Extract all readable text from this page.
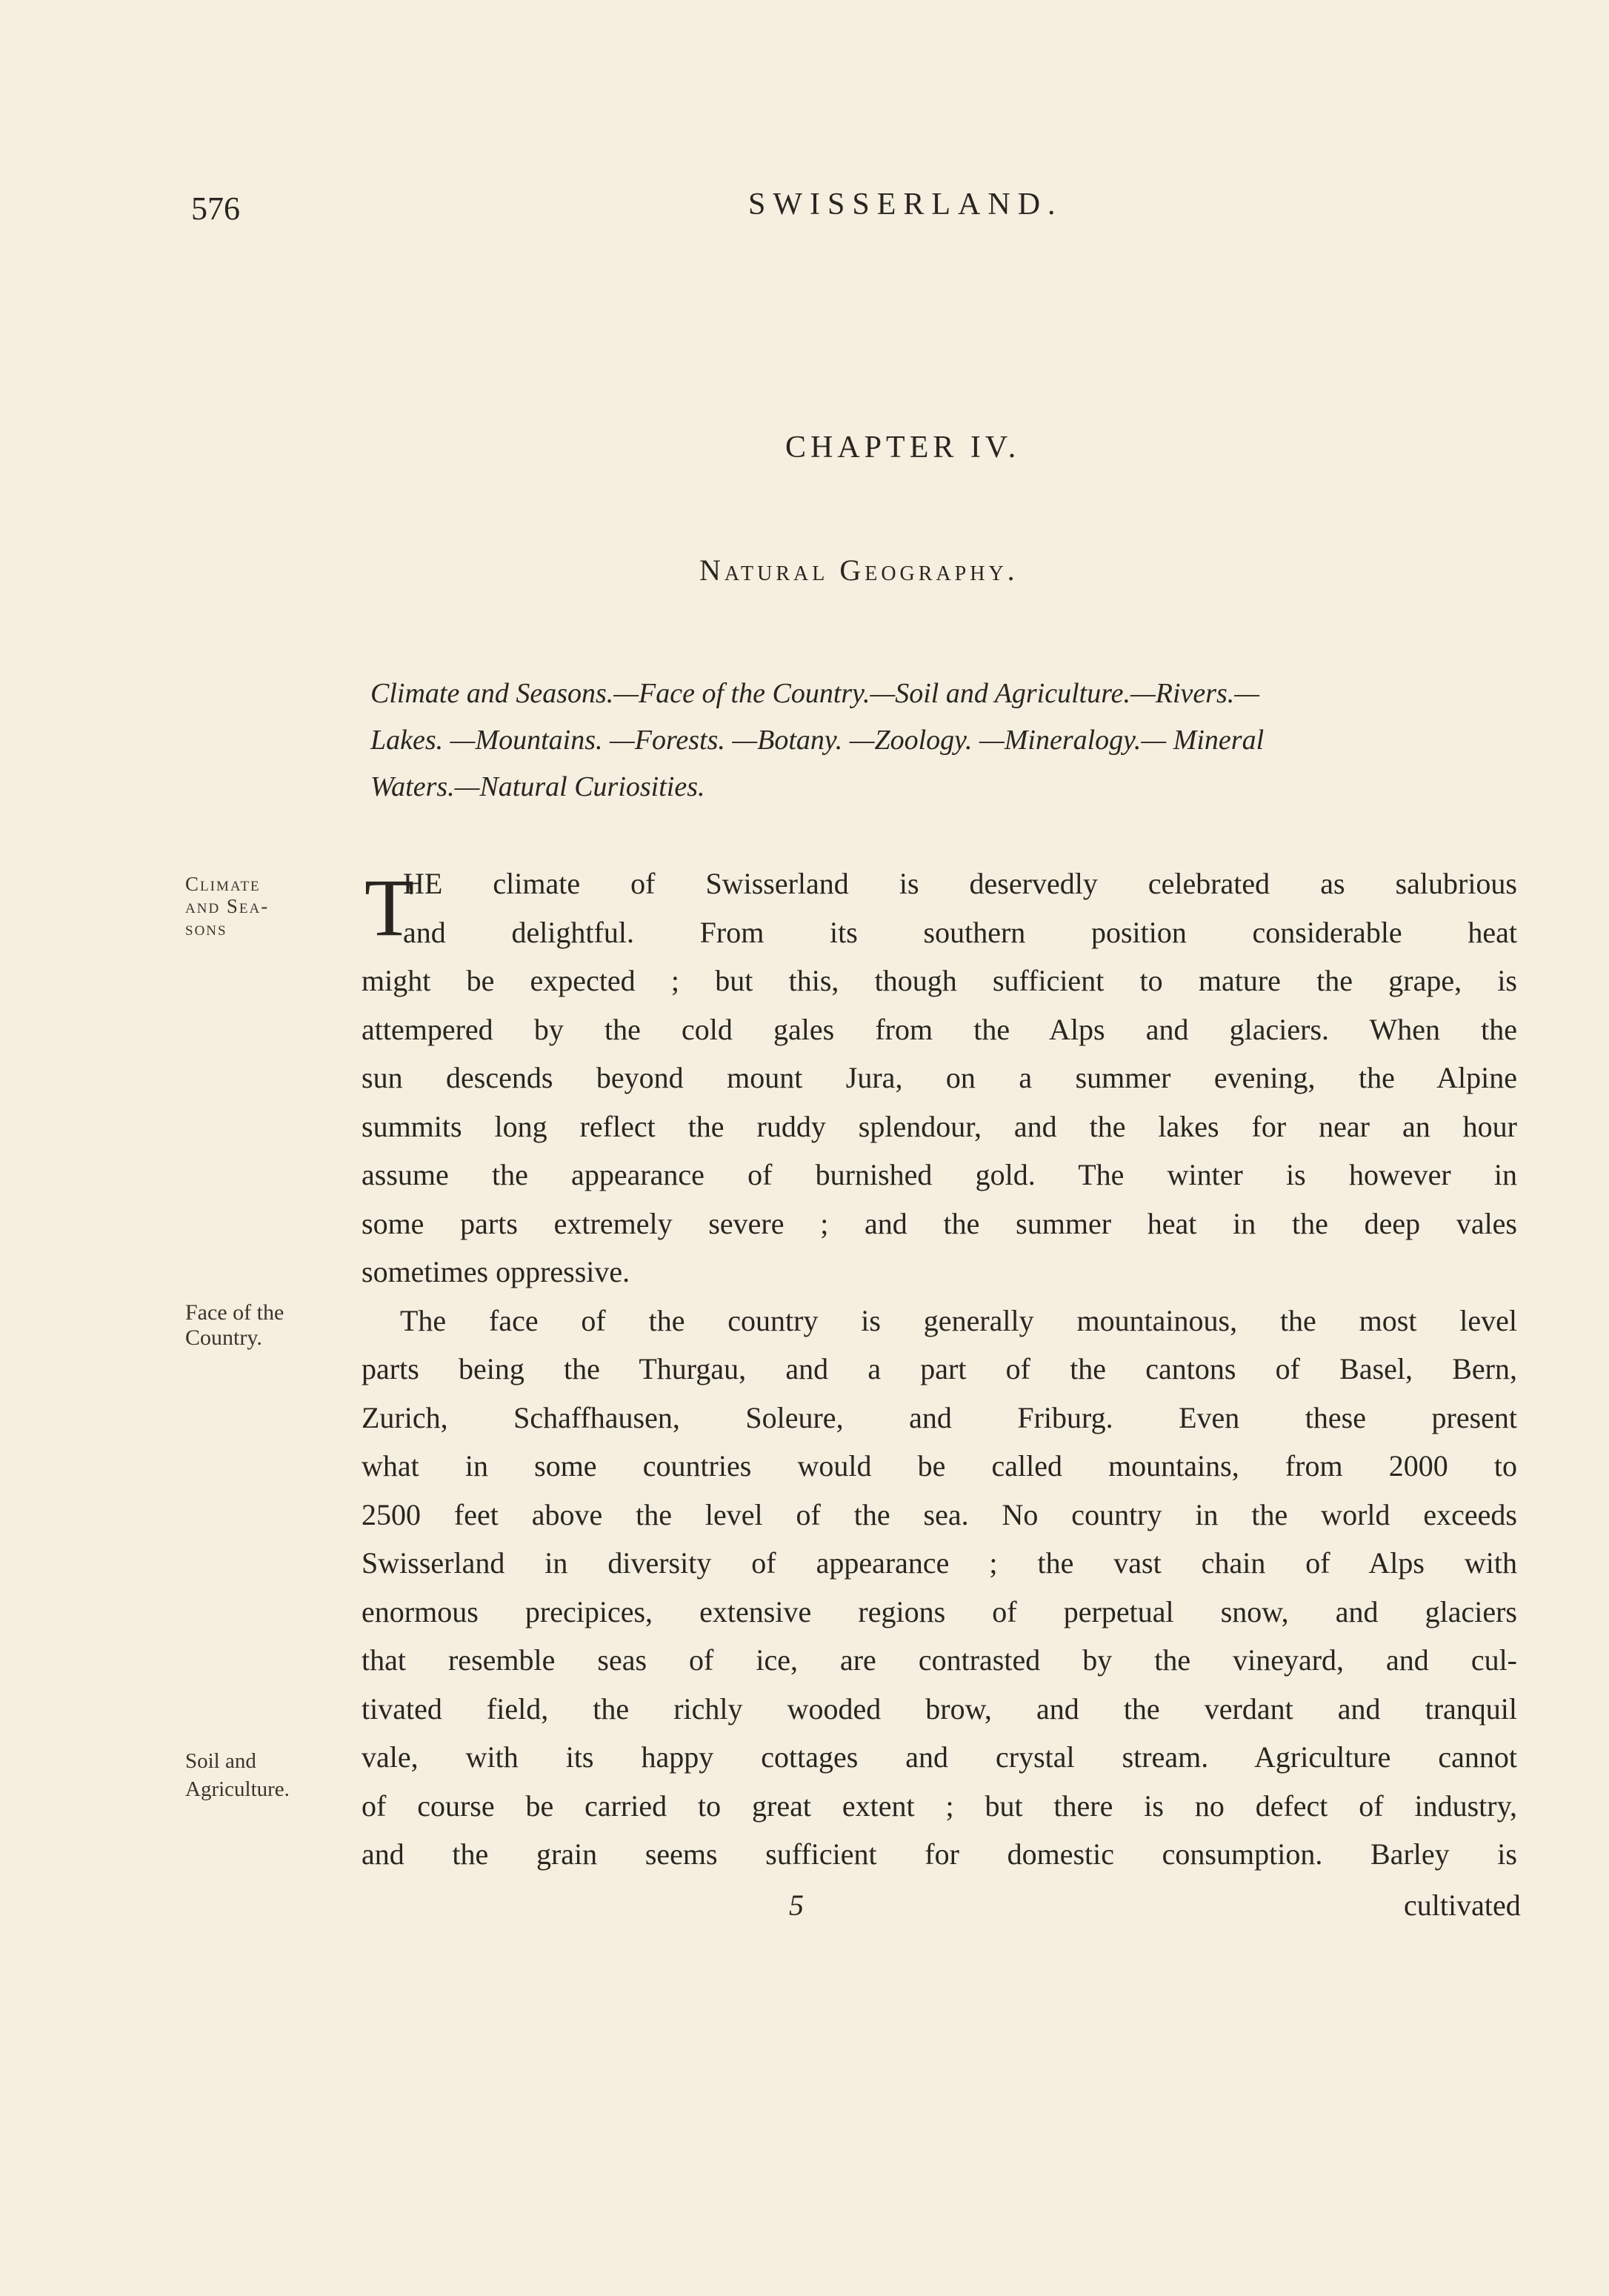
576	SWISSERLAND.
CHAPTER IV.
Natural Geography.
Climate and Seasons.—Face of the Country.—Soil and Agriculture.—Rivers.—
Lakes. —Mountains. —Forests. —Botany. —Zoology. —Mineralogy.— Mineral
Waters.—Natural Curiosities.
Climate
and Sea-
sons
Face of the
Country.
Soil and
Agriculture.
T
HE climate of Swisserland is deservedly celebrated as salubrious
and delightful. From its southern position considerable heat
might be expected ; but this, though sufficient to mature the grape, is
attempered by the cold gales from the Alps and glaciers. When the
sun descends beyond mount Jura, on a summer evening, the Alpine
summits long reflect the ruddy splendour, and the lakes for near an hour
assume the appearance of burnished gold. The winter is however in
some parts extremely severe ; and the summer heat in the deep vales
sometimes oppressive.
The face of the country is generally mountainous, the most level
parts being the Thurgau, and a part of the cantons of Basel, Bern,
Zurich, Schaffhausen, Soleure, and Friburg. Even these present
what in some countries would be called mountains, from 2000 to
2500 feet above the level of the sea. No country in the world exceeds
Swisserland in diversity of appearance ; the vast chain of Alps with
enormous precipices, extensive regions of perpetual snow, and glaciers
that resemble seas of ice, are contrasted by the vineyard, and cul-
tivated field, the richly wooded brow, and the verdant and tranquil
vale, with its happy cottages and crystal stream. Agriculture cannot
of course be carried to great extent ; but there is no defect of industry,
and the grain seems sufficient for domestic consumption. Barley is
5	cultivated
